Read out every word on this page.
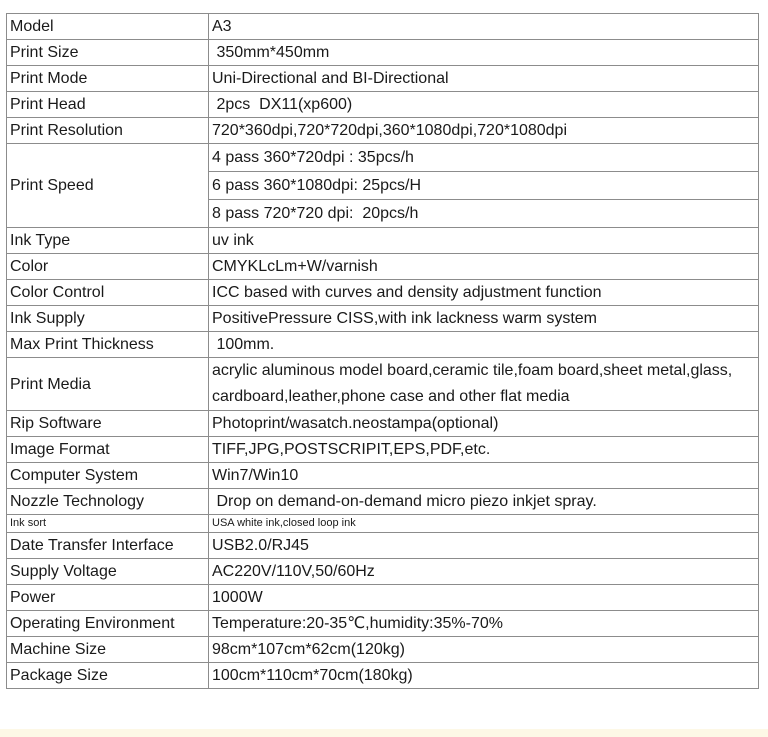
Model	A3
Print Size	350mm*450mm
Print Mode	Uni-Directional and BI-Directional
Print Head	2pcs  DX11(xp600)
Print Resolution	720*360dpi,720*720dpi,360*1080dpi,720*1080dpi
Print Speed	4 pass 360*720dpi : 35pcs/h
	6 pass 360*1080dpi: 25pcs/H
	8 pass 720*720 dpi:  20pcs/h
Ink Type	uv ink
Color	CMYKLcLm+W/varnish
Color Control	ICC based with curves and density adjustment function
Ink Supply	PositivePressure CISS,with ink lackness warm system
Max Print Thickness	100mm.
Print Media	acrylic aluminous model board,ceramic tile,foam board,sheet metal,glass, cardboard,leather,phone case and other flat media
Rip Software	Photoprint/wasatch.neostampa(optional)
Image Format	TIFF,JPG,POSTSCRIPIT,EPS,PDF,etc.
Computer System	Win7/Win10
Nozzle Technology	Drop on demand-on-demand micro piezo inkjet spray.
Ink sort	USA white ink,closed loop ink
Date Transfer Interface	USB2.0/RJ45
Supply Voltage	AC220V/110V,50/60Hz
Power	1000W
Operating Environment	Temperature:20-35℃,humidity:35%-70%
Machine Size	98cm*107cm*62cm(120kg)
Package Size	100cm*110cm*70cm(180kg)
